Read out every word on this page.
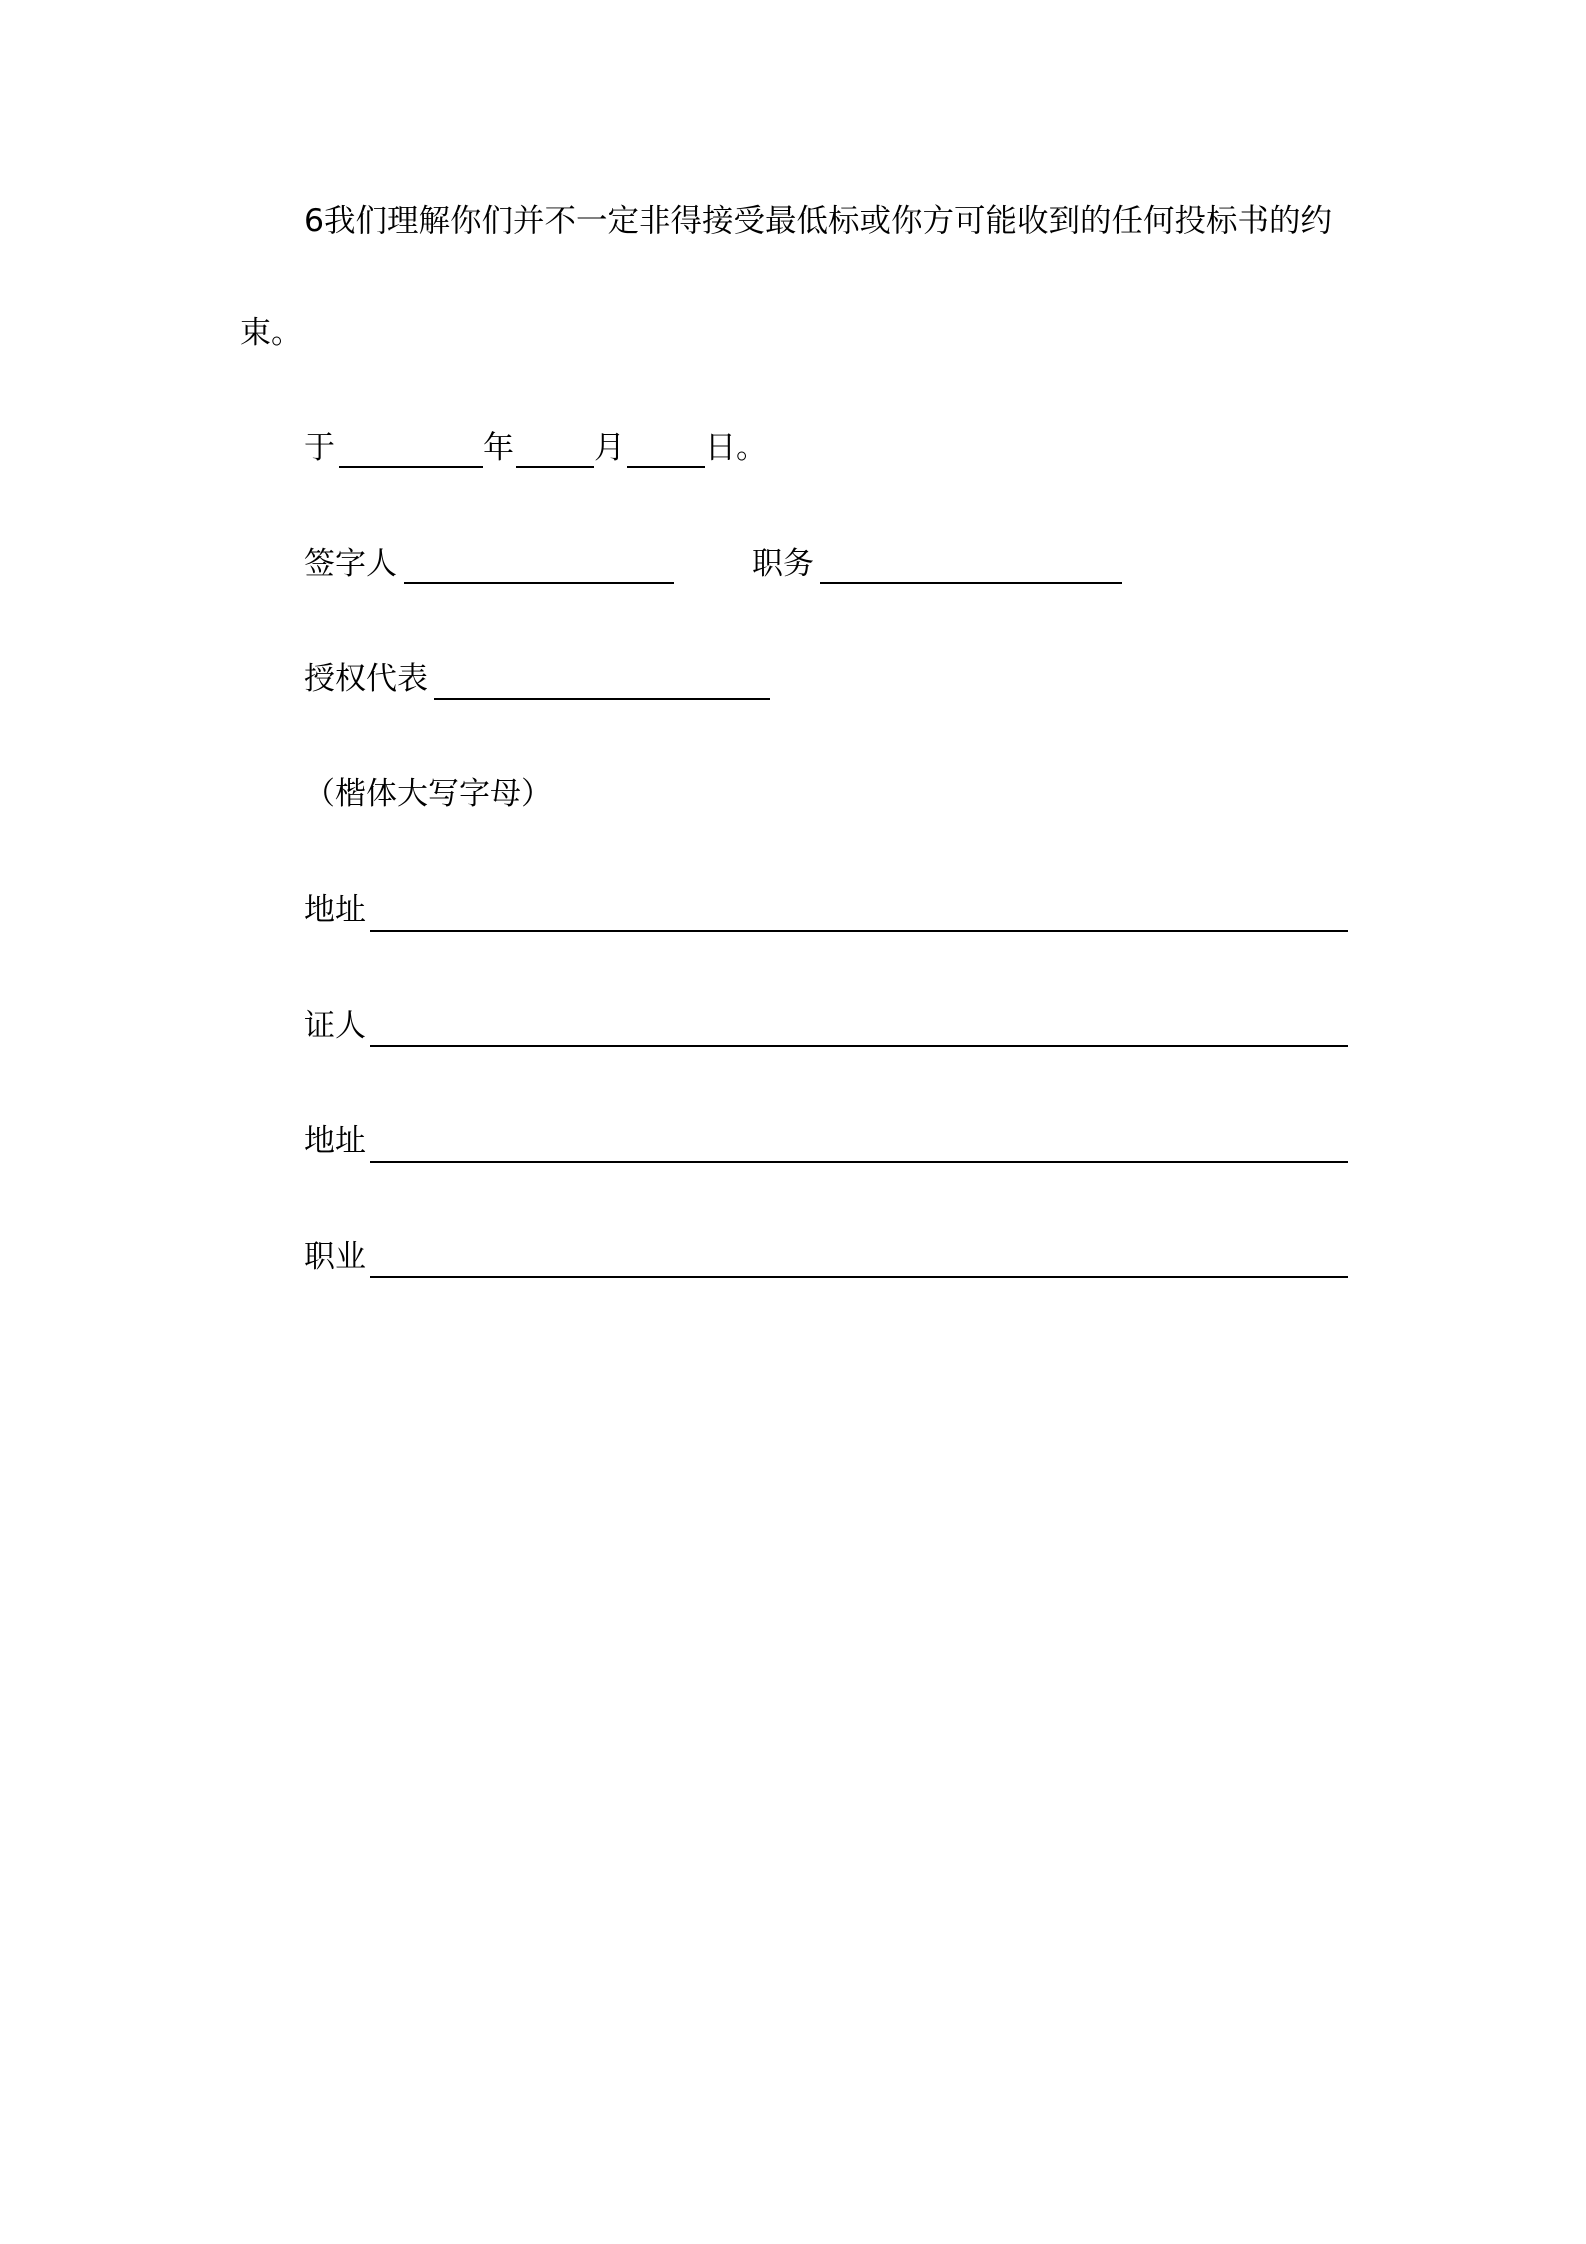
6我们理解你们并不一定非得接受最低标或你方可能收到的任何投标书的约
束。
于	年	月	日。
签字人	职务
授权代表
（楷体大写字母）
地址
证人
地址
职业
